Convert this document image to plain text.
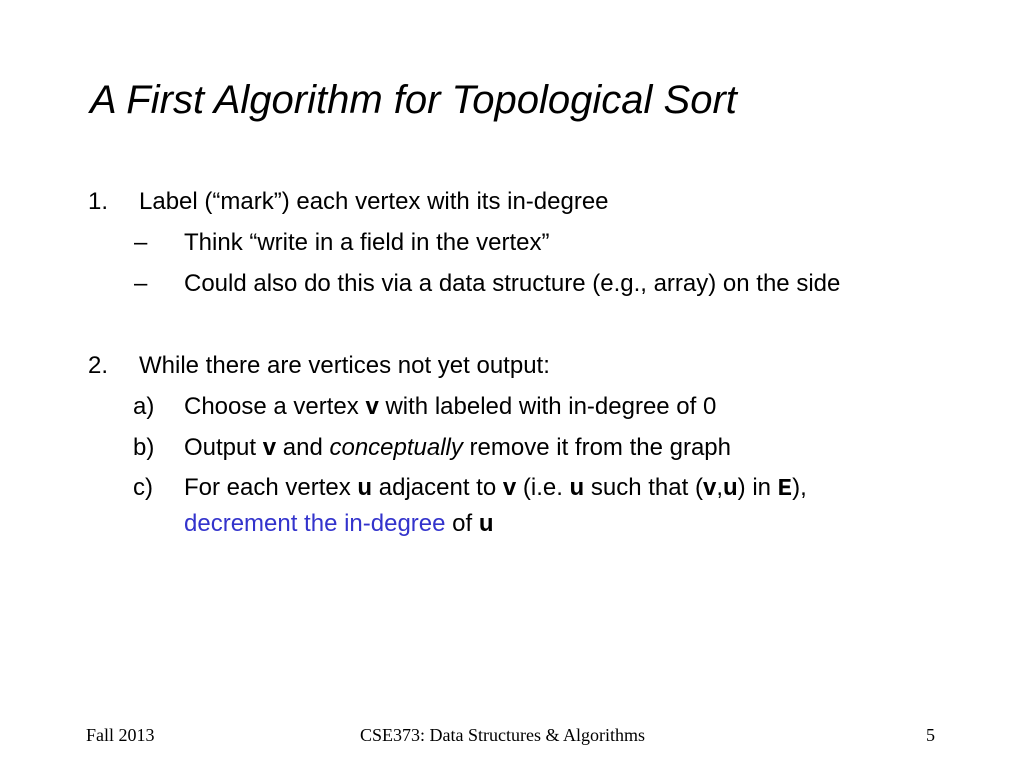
A First Algorithm for Topological Sort
1. Label (“mark”) each vertex with its in-degree
– Think “write in a field in the vertex”
– Could also do this via a data structure (e.g., array) on the side
2. While there are vertices not yet output:
a) Choose a vertex v with labeled with in-degree of 0
b) Output v and conceptually remove it from the graph
c) For each vertex u adjacent to v (i.e. u such that (v,u) in E),
decrement the in-degree of u
Fall 2013	CSE373: Data Structures & Algorithms	5
